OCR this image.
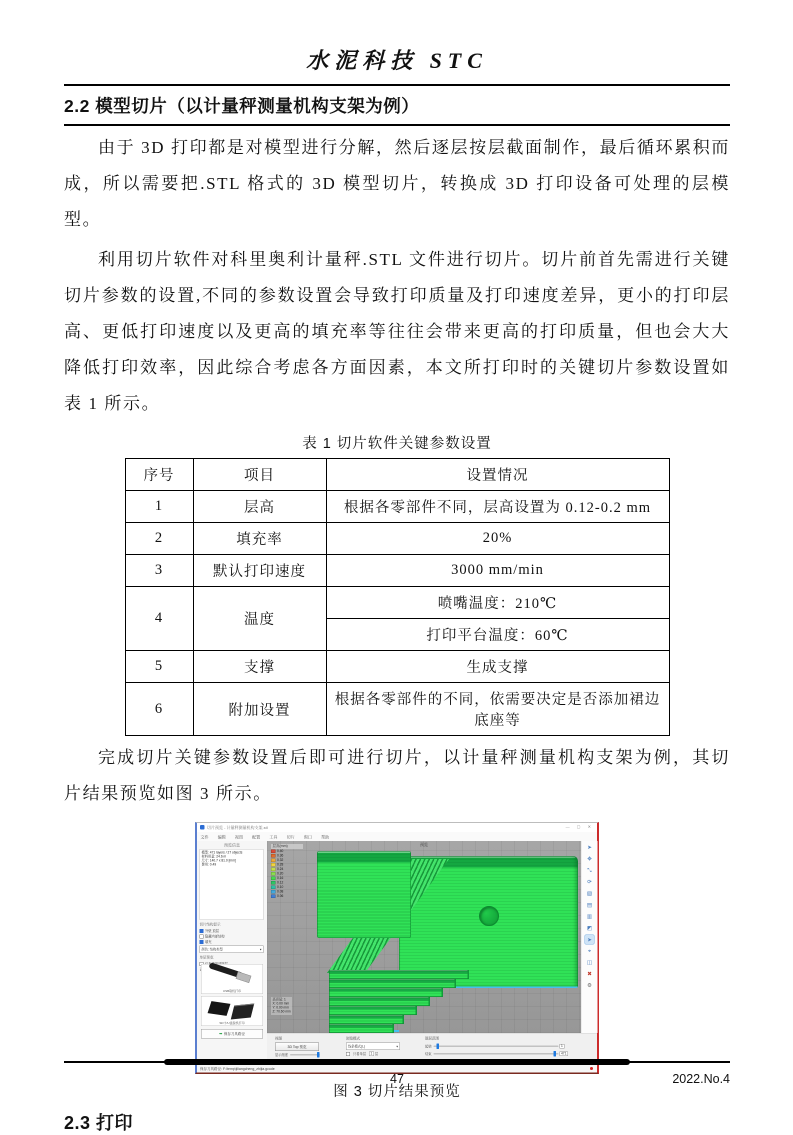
水泥科技 STC
2.2 模型切片（以计量秤测量机构支架为例）

由于 3D 打印都是对模型进行分解，然后逐层按层截面制作，最后循环累积而成，所以需要把.STL 格式的 3D 模型切片，转换成 3D 打印设备可处理的层模型。

利用切片软件对科里奥利计量秤.STL 文件进行切片。切片前首先需进行关键切片参数的设置,不同的参数设置会导致打印质量及打印速度差异，更小的打印层高、更低打印速度以及更高的填充率等往往会带来更高的打印质量，但也会大大降低打印效率，因此综合考虑各方面因素，本文所打印时的关键切片参数设置如表 1 所示。

表 1 切片软件关键参数设置
序号	项目	设置情况
1	层高	根据各零部件不同，层高设置为 0.12-0.2 mm
2	填充率	20%
3	默认打印速度	3000 mm/min
4	温度	喷嘴温度：210℃
		打印平台温度：60℃
5	支撑	生成支撑
6	附加设置	根据各零部件的不同，依需要决定是否添加裙边底座等

完成切片关键参数设置后即可进行切片，以计量秤测量机构支架为例，其切片结果预览如图 3 所示。

切片预览 - 计量秤测量机构支架.stl	— ▢ ✕
文件 编辑 视图 配置 工具 切片 窗口 帮助
预览信息
模型: 471 layers / 27 objects
材料用量: 24.6 m
尺寸: 140.7 x 81.0 [mm]
费用: 0.49
切片结构显示
外壁 顶层
隐藏内部结构
填充
颜色: 结构类型	▾
单层预览
USB联机打印
SD卡/U盘脱机打印
➥ 保存刀具路径
预览
层高(mm)
0.40
0.36
0.32
0.28
0.24
0.20
0.16
0.12
0.10
0.08
0.06
高亮层: 1
X: 0.00 mm
Y: 0.00 mm
Z: 70.60 mm
➤
✥
⤡
⟳
▧
▤
▥
◩
➤
⌖
◫
✖
⚙
视图
3D Top 预览
显示细度
浏览模式
线条模式(L)	▾
只看单层 1 层
图层范围
起始	1
结束	471
保存刀具路径: F:\temp\jiliangcheng_zhijia.gcode
图 3 切片结果预览
2.3 打印
47	2022.No.4
